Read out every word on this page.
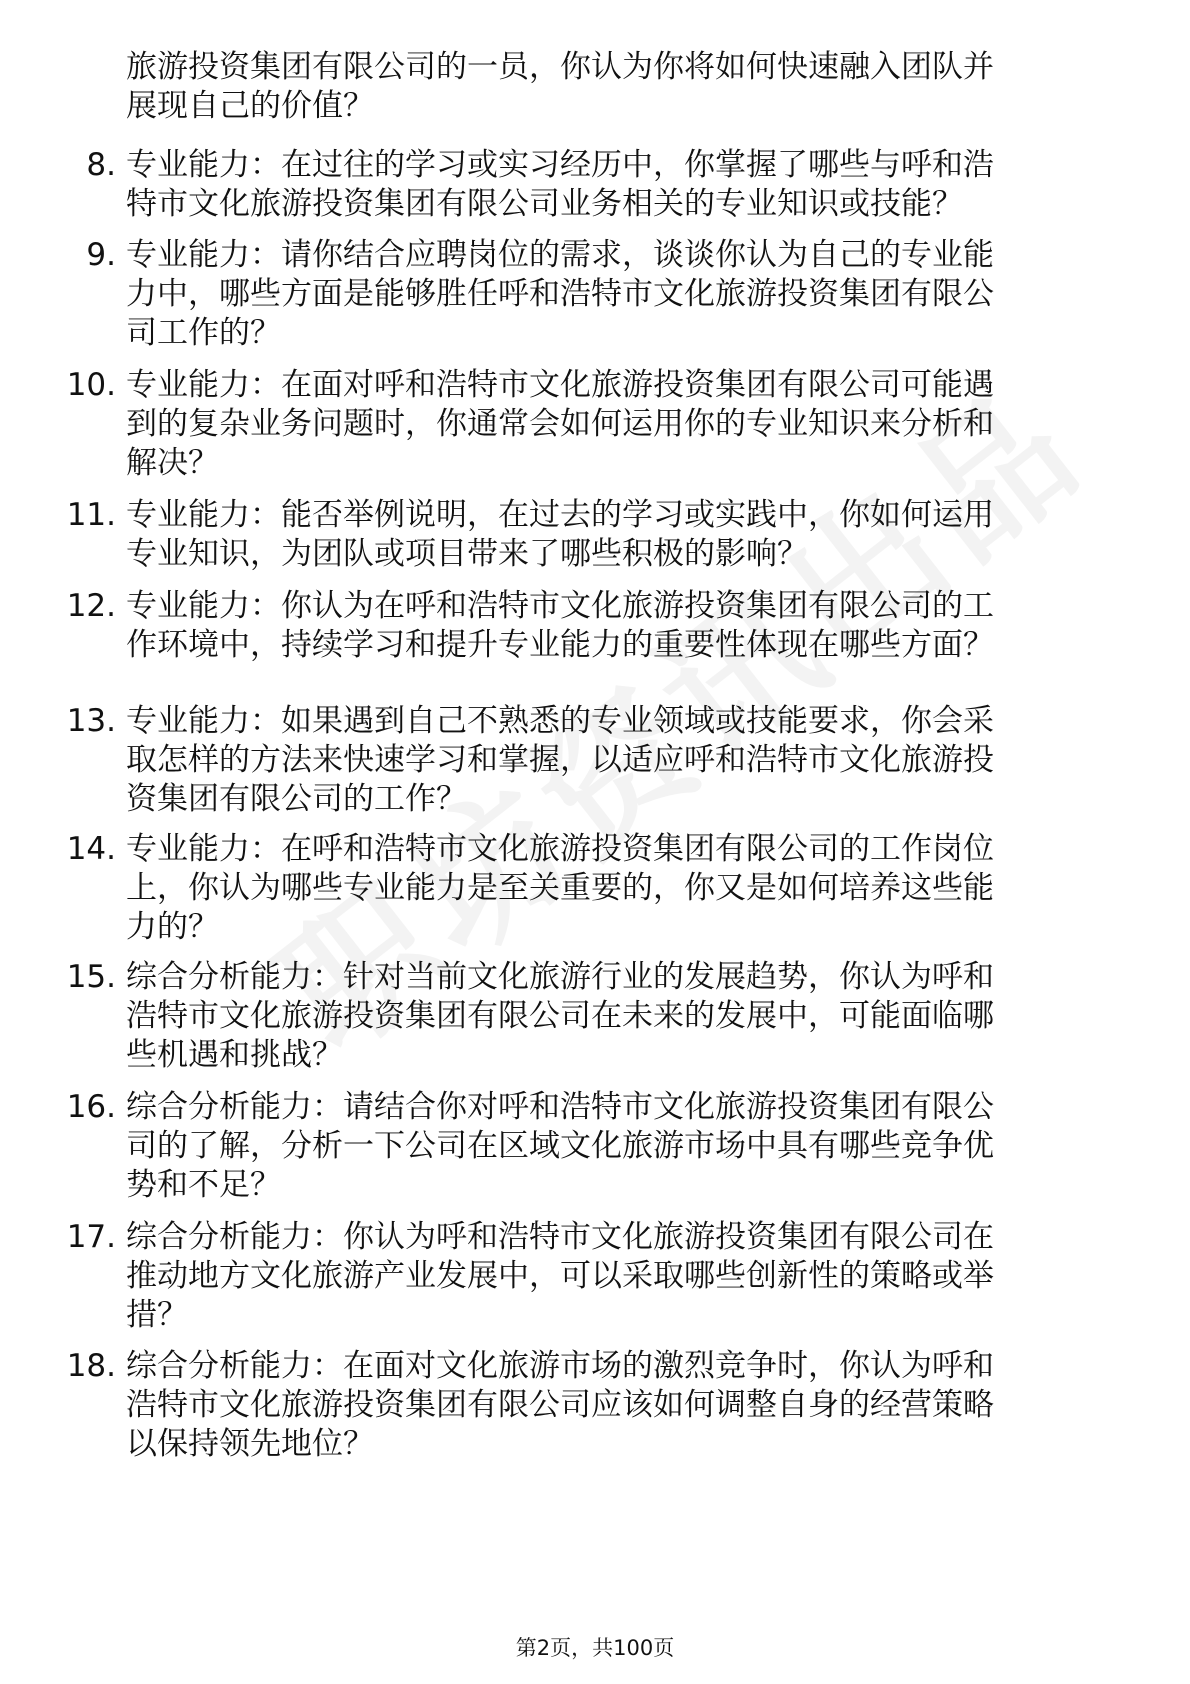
旅游投资集团有限公司的一员，你认为你将如何快速融入团队并
展现自己的价值？
8. 专业能力：在过往的学习或实习经历中，你掌握了哪些与呼和浩
特市文化旅游投资集团有限公司业务相关的专业知识或技能？
9. 专业能力：请你结合应聘岗位的需求，谈谈你认为自己的专业能
力中，哪些方面是能够胜任呼和浩特市文化旅游投资集团有限公
司工作的？
10. 专业能力：在面对呼和浩特市文化旅游投资集团有限公司可能遇
到的复杂业务问题时，你通常会如何运用你的专业知识来分析和
解决？
11. 专业能力：能否举例说明，在过去的学习或实践中，你如何运用
专业知识，为团队或项目带来了哪些积极的影响？
12. 专业能力：你认为在呼和浩特市文化旅游投资集团有限公司的工
作环境中，持续学习和提升专业能力的重要性体现在哪些方面？
13. 专业能力：如果遇到自己不熟悉的专业领域或技能要求，你会采
取怎样的方法来快速学习和掌握，以适应呼和浩特市文化旅游投
资集团有限公司的工作？
14. 专业能力：在呼和浩特市文化旅游投资集团有限公司的工作岗位
上，你认为哪些专业能力是至关重要的，你又是如何培养这些能
力的？
15. 综合分析能力：针对当前文化旅游行业的发展趋势，你认为呼和
浩特市文化旅游投资集团有限公司在未来的发展中，可能面临哪
些机遇和挑战？
16. 综合分析能力：请结合你对呼和浩特市文化旅游投资集团有限公
司的了解，分析一下公司在区域文化旅游市场中具有哪些竞争优
势和不足？
17. 综合分析能力：你认为呼和浩特市文化旅游投资集团有限公司在
推动地方文化旅游产业发展中，可以采取哪些创新性的策略或举
措？
18. 综合分析能力：在面对文化旅游市场的激烈竞争时，你认为呼和
浩特市文化旅游投资集团有限公司应该如何调整自身的经营策略
以保持领先地位？
第2页，共100页
